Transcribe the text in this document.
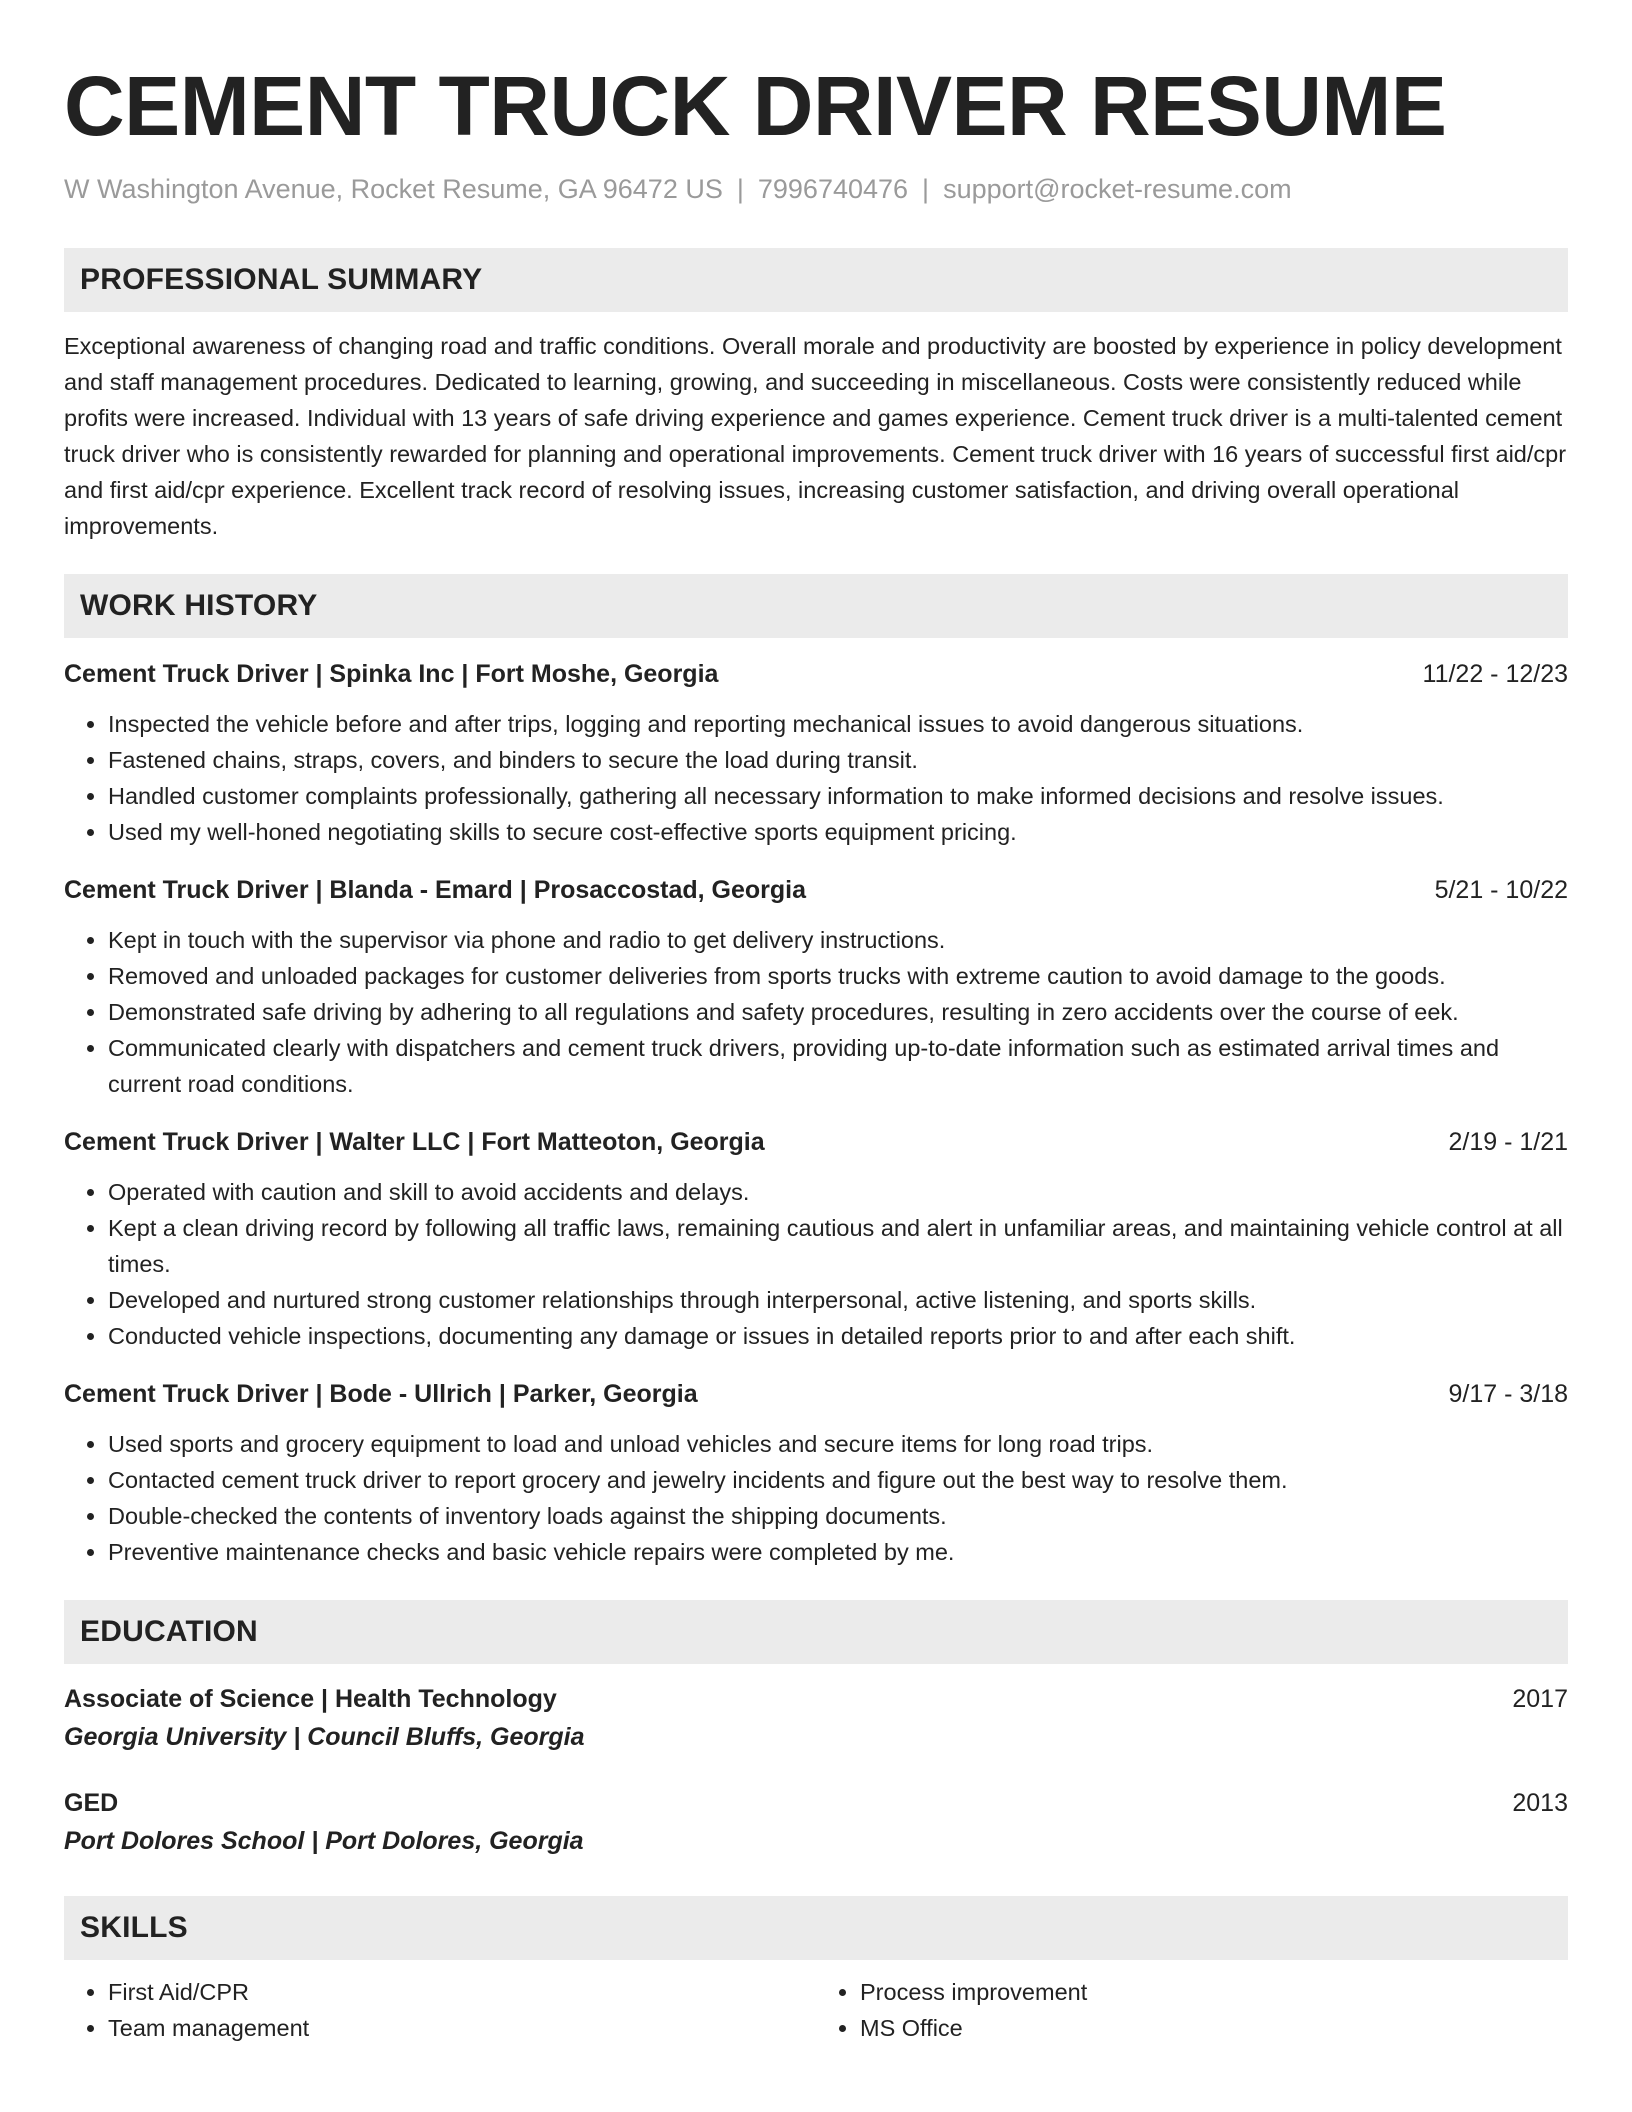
CEMENT TRUCK DRIVER RESUME
W Washington Avenue, Rocket Resume, GA 96472 US | 7996740476 | support@rocket-resume.com
PROFESSIONAL SUMMARY
Exceptional awareness of changing road and traffic conditions. Overall morale and productivity are boosted by experience in policy development and staff management procedures. Dedicated to learning, growing, and succeeding in miscellaneous. Costs were consistently reduced while profits were increased. Individual with 13 years of safe driving experience and games experience. Cement truck driver is a multi-talented cement truck driver who is consistently rewarded for planning and operational improvements. Cement truck driver with 16 years of successful first aid/cpr and first aid/cpr experience. Excellent track record of resolving issues, increasing customer satisfaction, and driving overall operational improvements.
WORK HISTORY
Cement Truck Driver | Spinka Inc | Fort Moshe, Georgia	11/22 - 12/23
• Inspected the vehicle before and after trips, logging and reporting mechanical issues to avoid dangerous situations.
• Fastened chains, straps, covers, and binders to secure the load during transit.
• Handled customer complaints professionally, gathering all necessary information to make informed decisions and resolve issues.
• Used my well-honed negotiating skills to secure cost-effective sports equipment pricing.
Cement Truck Driver | Blanda - Emard | Prosaccostad, Georgia	5/21 - 10/22
• Kept in touch with the supervisor via phone and radio to get delivery instructions.
• Removed and unloaded packages for customer deliveries from sports trucks with extreme caution to avoid damage to the goods.
• Demonstrated safe driving by adhering to all regulations and safety procedures, resulting in zero accidents over the course of eek.
• Communicated clearly with dispatchers and cement truck drivers, providing up-to-date information such as estimated arrival times and current road conditions.
Cement Truck Driver | Walter LLC | Fort Matteoton, Georgia	2/19 - 1/21
• Operated with caution and skill to avoid accidents and delays.
• Kept a clean driving record by following all traffic laws, remaining cautious and alert in unfamiliar areas, and maintaining vehicle control at all times.
• Developed and nurtured strong customer relationships through interpersonal, active listening, and sports skills.
• Conducted vehicle inspections, documenting any damage or issues in detailed reports prior to and after each shift.
Cement Truck Driver | Bode - Ullrich | Parker, Georgia	9/17 - 3/18
• Used sports and grocery equipment to load and unload vehicles and secure items for long road trips.
• Contacted cement truck driver to report grocery and jewelry incidents and figure out the best way to resolve them.
• Double-checked the contents of inventory loads against the shipping documents.
• Preventive maintenance checks and basic vehicle repairs were completed by me.
EDUCATION
Associate of Science | Health Technology	2017
Georgia University | Council Bluffs, Georgia
GED	2013
Port Dolores School | Port Dolores, Georgia
SKILLS
• First Aid/CPR
• Team management
• Process improvement
• MS Office
